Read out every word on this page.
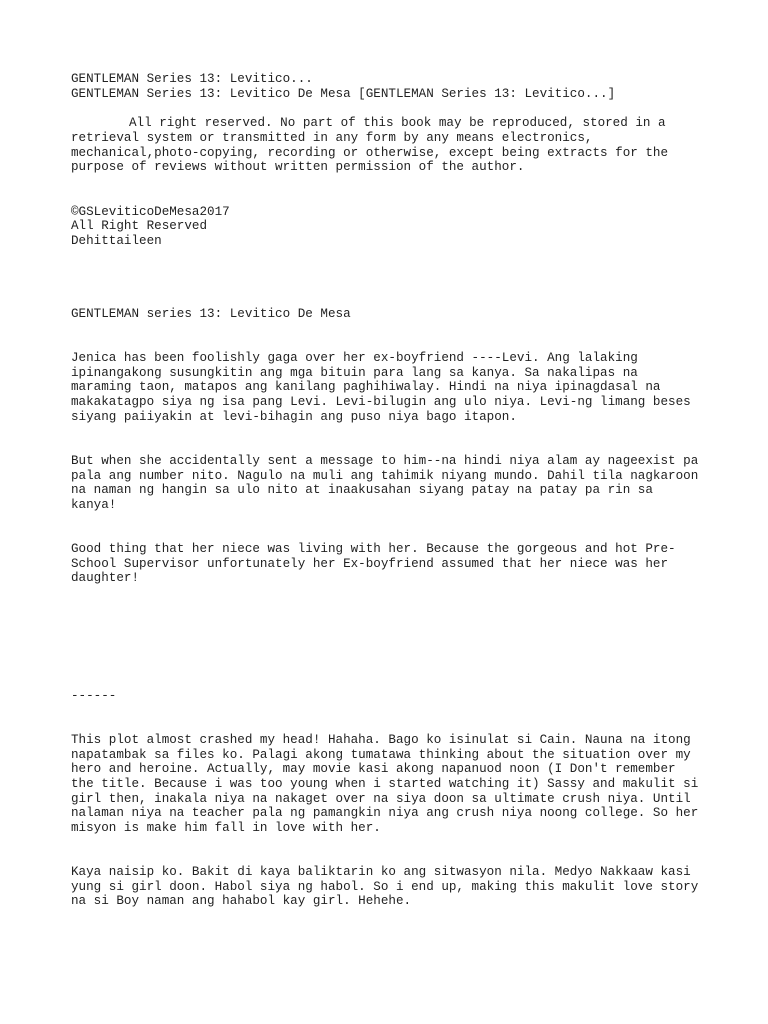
GENTLEMAN Series 13: Levitico...
GENTLEMAN Series 13: Levitico De Mesa [GENTLEMAN Series 13: Levitico...]
All right reserved. No part of this book may be reproduced, stored in a
retrieval system or transmitted in any form by any means electronics,
mechanical,photo-copying, recording or otherwise, except being extracts for the
purpose of reviews without written permission of the author.
©GSLeviticoDeMesa2017
All Right Reserved
Dehittaileen
GENTLEMAN series 13: Levitico De Mesa
Jenica has been foolishly gaga over her ex-boyfriend ----Levi. Ang lalaking
ipinangakong susungkitin ang mga bituin para lang sa kanya. Sa nakalipas na
maraming taon, matapos ang kanilang paghihiwalay. Hindi na niya ipinagdasal na
makakatagpo siya ng isa pang Levi. Levi-bilugin ang ulo niya. Levi-ng limang beses
siyang paiiyakin at levi-bihagin ang puso niya bago itapon.
But when she accidentally sent a message to him--na hindi niya alam ay nageexist pa
pala ang number nito. Nagulo na muli ang tahimik niyang mundo. Dahil tila nagkaroon
na naman ng hangin sa ulo nito at inaakusahan siyang patay na patay pa rin sa
kanya!
Good thing that her niece was living with her. Because the gorgeous and hot Pre-
School Supervisor unfortunately her Ex-boyfriend assumed that her niece was her
daughter!
------
This plot almost crashed my head! Hahaha. Bago ko isinulat si Cain. Nauna na itong
napatambak sa files ko. Palagi akong tumatawa thinking about the situation over my
hero and heroine. Actually, may movie kasi akong napanuod noon (I Don't remember
the title. Because i was too young when i started watching it) Sassy and makulit si
girl then, inakala niya na nakaget over na siya doon sa ultimate crush niya. Until
nalaman niya na teacher pala ng pamangkin niya ang crush niya noong college. So her
misyon is make him fall in love with her.
Kaya naisip ko. Bakit di kaya baliktarin ko ang sitwasyon nila. Medyo Nakkaaw kasi
yung si girl doon. Habol siya ng habol. So i end up, making this makulit love story
na si Boy naman ang hahabol kay girl. Hehehe.
